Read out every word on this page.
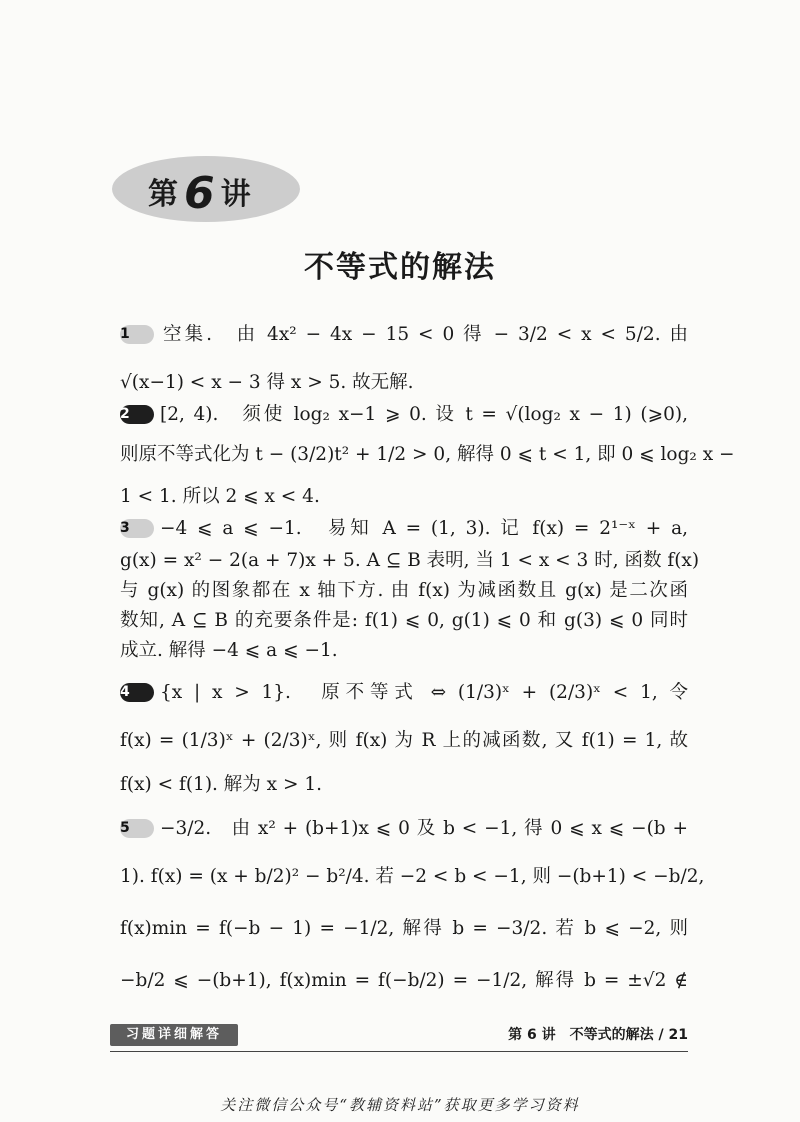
第 6 讲
不等式的解法
1 空集.　由 4x² − 4x − 15 < 0 得 − 3/2 < x < 5/2. 由
√(x−1) < x − 3 得 x > 5. 故无解.
2 [2, 4).　须使 log₂ x−1 ⩾ 0. 设 t = √(log₂ x − 1) (⩾0),
则原不等式化为 t − (3/2)t² + 1/2 > 0, 解得 0 ⩽ t < 1, 即 0 ⩽ log₂ x −
1 < 1. 所以 2 ⩽ x < 4.
3 −4 ⩽ a ⩽ −1.　易知 A = (1, 3). 记 f(x) = 2¹⁻ˣ + a,
g(x) = x² − 2(a + 7)x + 5. A ⊆ B 表明, 当 1 < x < 3 时, 函数 f(x)
与 g(x) 的图象都在 x 轴下方. 由 f(x) 为减函数且 g(x) 是二次函
数知, A ⊆ B 的充要条件是: f(1) ⩽ 0, g(1) ⩽ 0 和 g(3) ⩽ 0 同时
成立. 解得 −4 ⩽ a ⩽ −1.
4 {x | x > 1}.　原不等式 ⇔ (1/3)ˣ + (2/3)ˣ < 1, 令
f(x) = (1/3)ˣ + (2/3)ˣ, 则 f(x) 为 R 上的减函数, 又 f(1) = 1, 故
f(x) < f(1). 解为 x > 1.
5 −3/2.　由 x² + (b+1)x ⩽ 0 及 b < −1, 得 0 ⩽ x ⩽ −(b +
1). f(x) = (x + b/2)² − b²/4. 若 −2 < b < −1, 则 −(b+1) < −b/2,
f(x)min = f(−b − 1) = −1/2, 解得 b = −3/2. 若 b ⩽ −2, 则
−b/2 ⩽ −(b+1), f(x)min = f(−b/2) = −1/2, 解得 b = ±√2 ∉
习题详细解答	第 6 讲　不等式的解法 / 21
关注微信公众号“教辅资料站”获取更多学习资料
